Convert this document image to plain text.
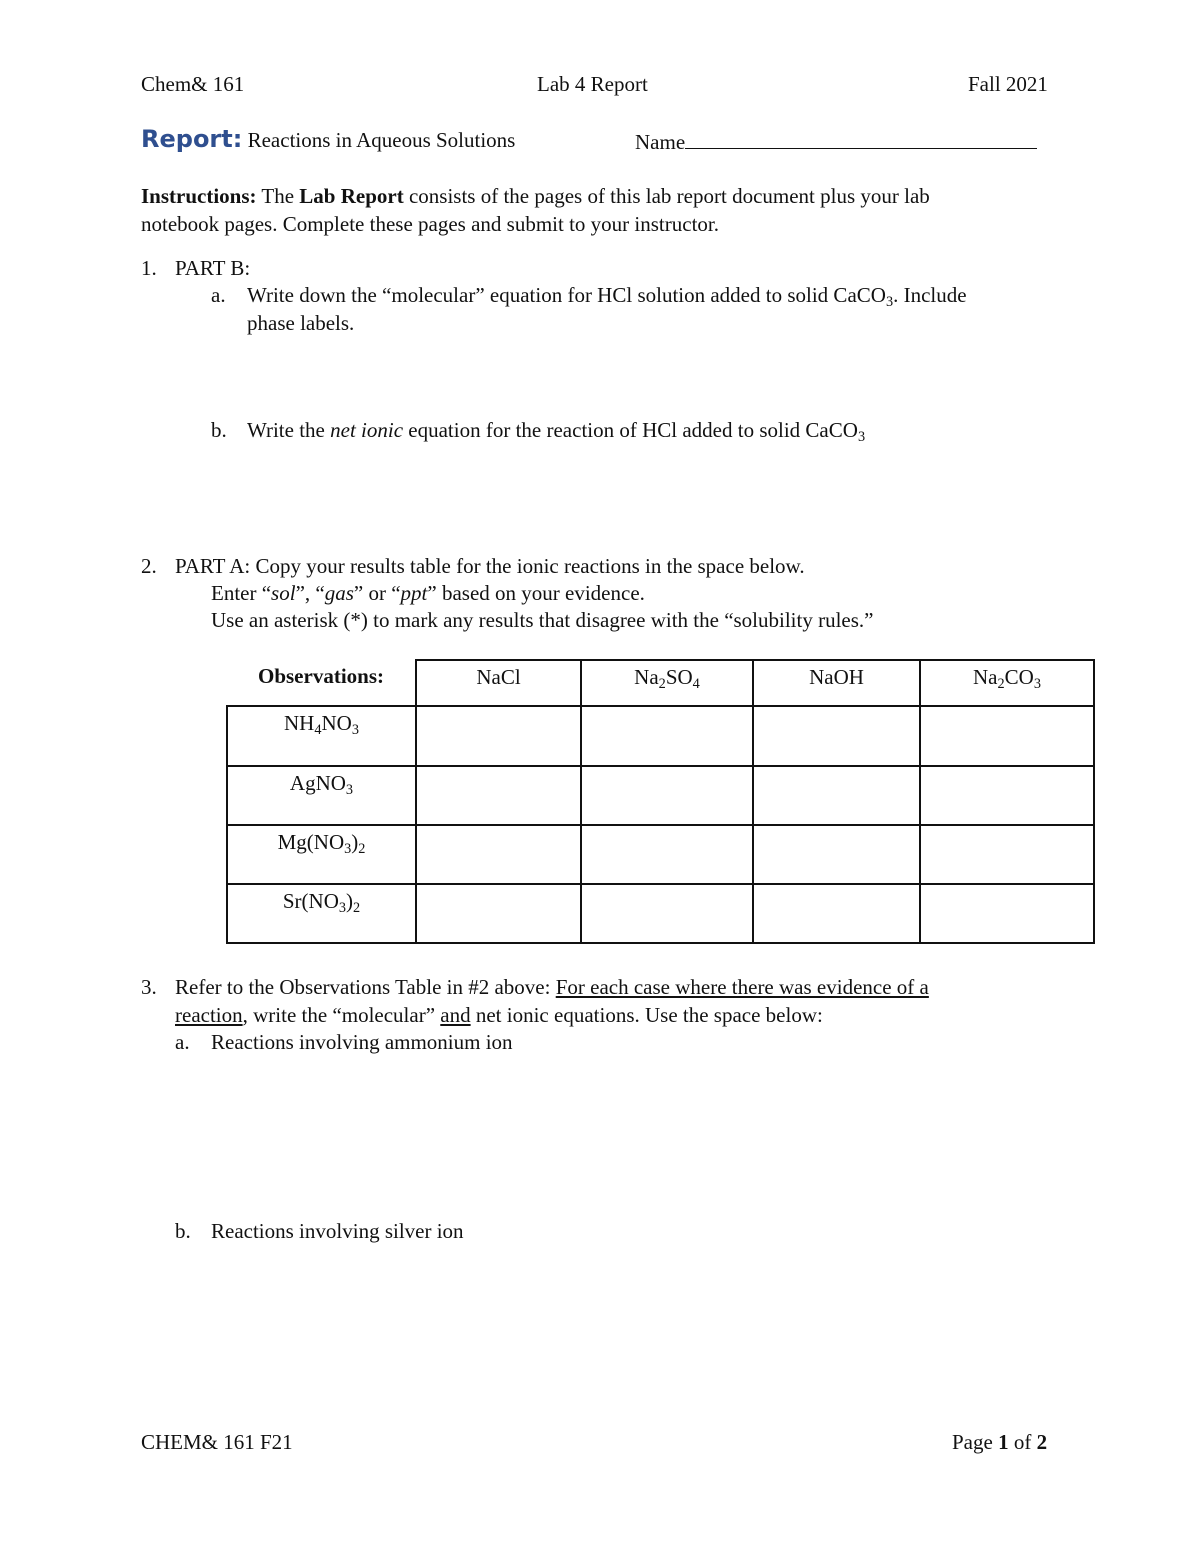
Chem& 161	Lab 4 Report	Fall 2021
Report: Reactions in Aqueous Solutions	Name
Instructions: The Lab Report consists of the pages of this lab report document plus your lab
notebook pages. Complete these pages and submit to your instructor.
1. PART B:
a. Write down the “molecular” equation for HCl solution added to solid CaCO3. Include
phase labels.
b. Write the net ionic equation for the reaction of HCl added to solid CaCO3
2. PART A: Copy your results table for the ionic reactions in the space below.
Enter “sol”, “gas” or “ppt” based on your evidence.
Use an asterisk (*) to mark any results that disagree with the “solubility rules.”
Observations:	NaCl	Na2SO4	NaOH	Na2CO3
NH4NO3				
AgNO3				
Mg(NO3)2				
Sr(NO3)2				
3. Refer to the Observations Table in #2 above: For each case where there was evidence of a
reaction, write the “molecular” and net ionic equations. Use the space below:
a. Reactions involving ammonium ion
b. Reactions involving silver ion
CHEM& 161 F21	Page 1 of 2
